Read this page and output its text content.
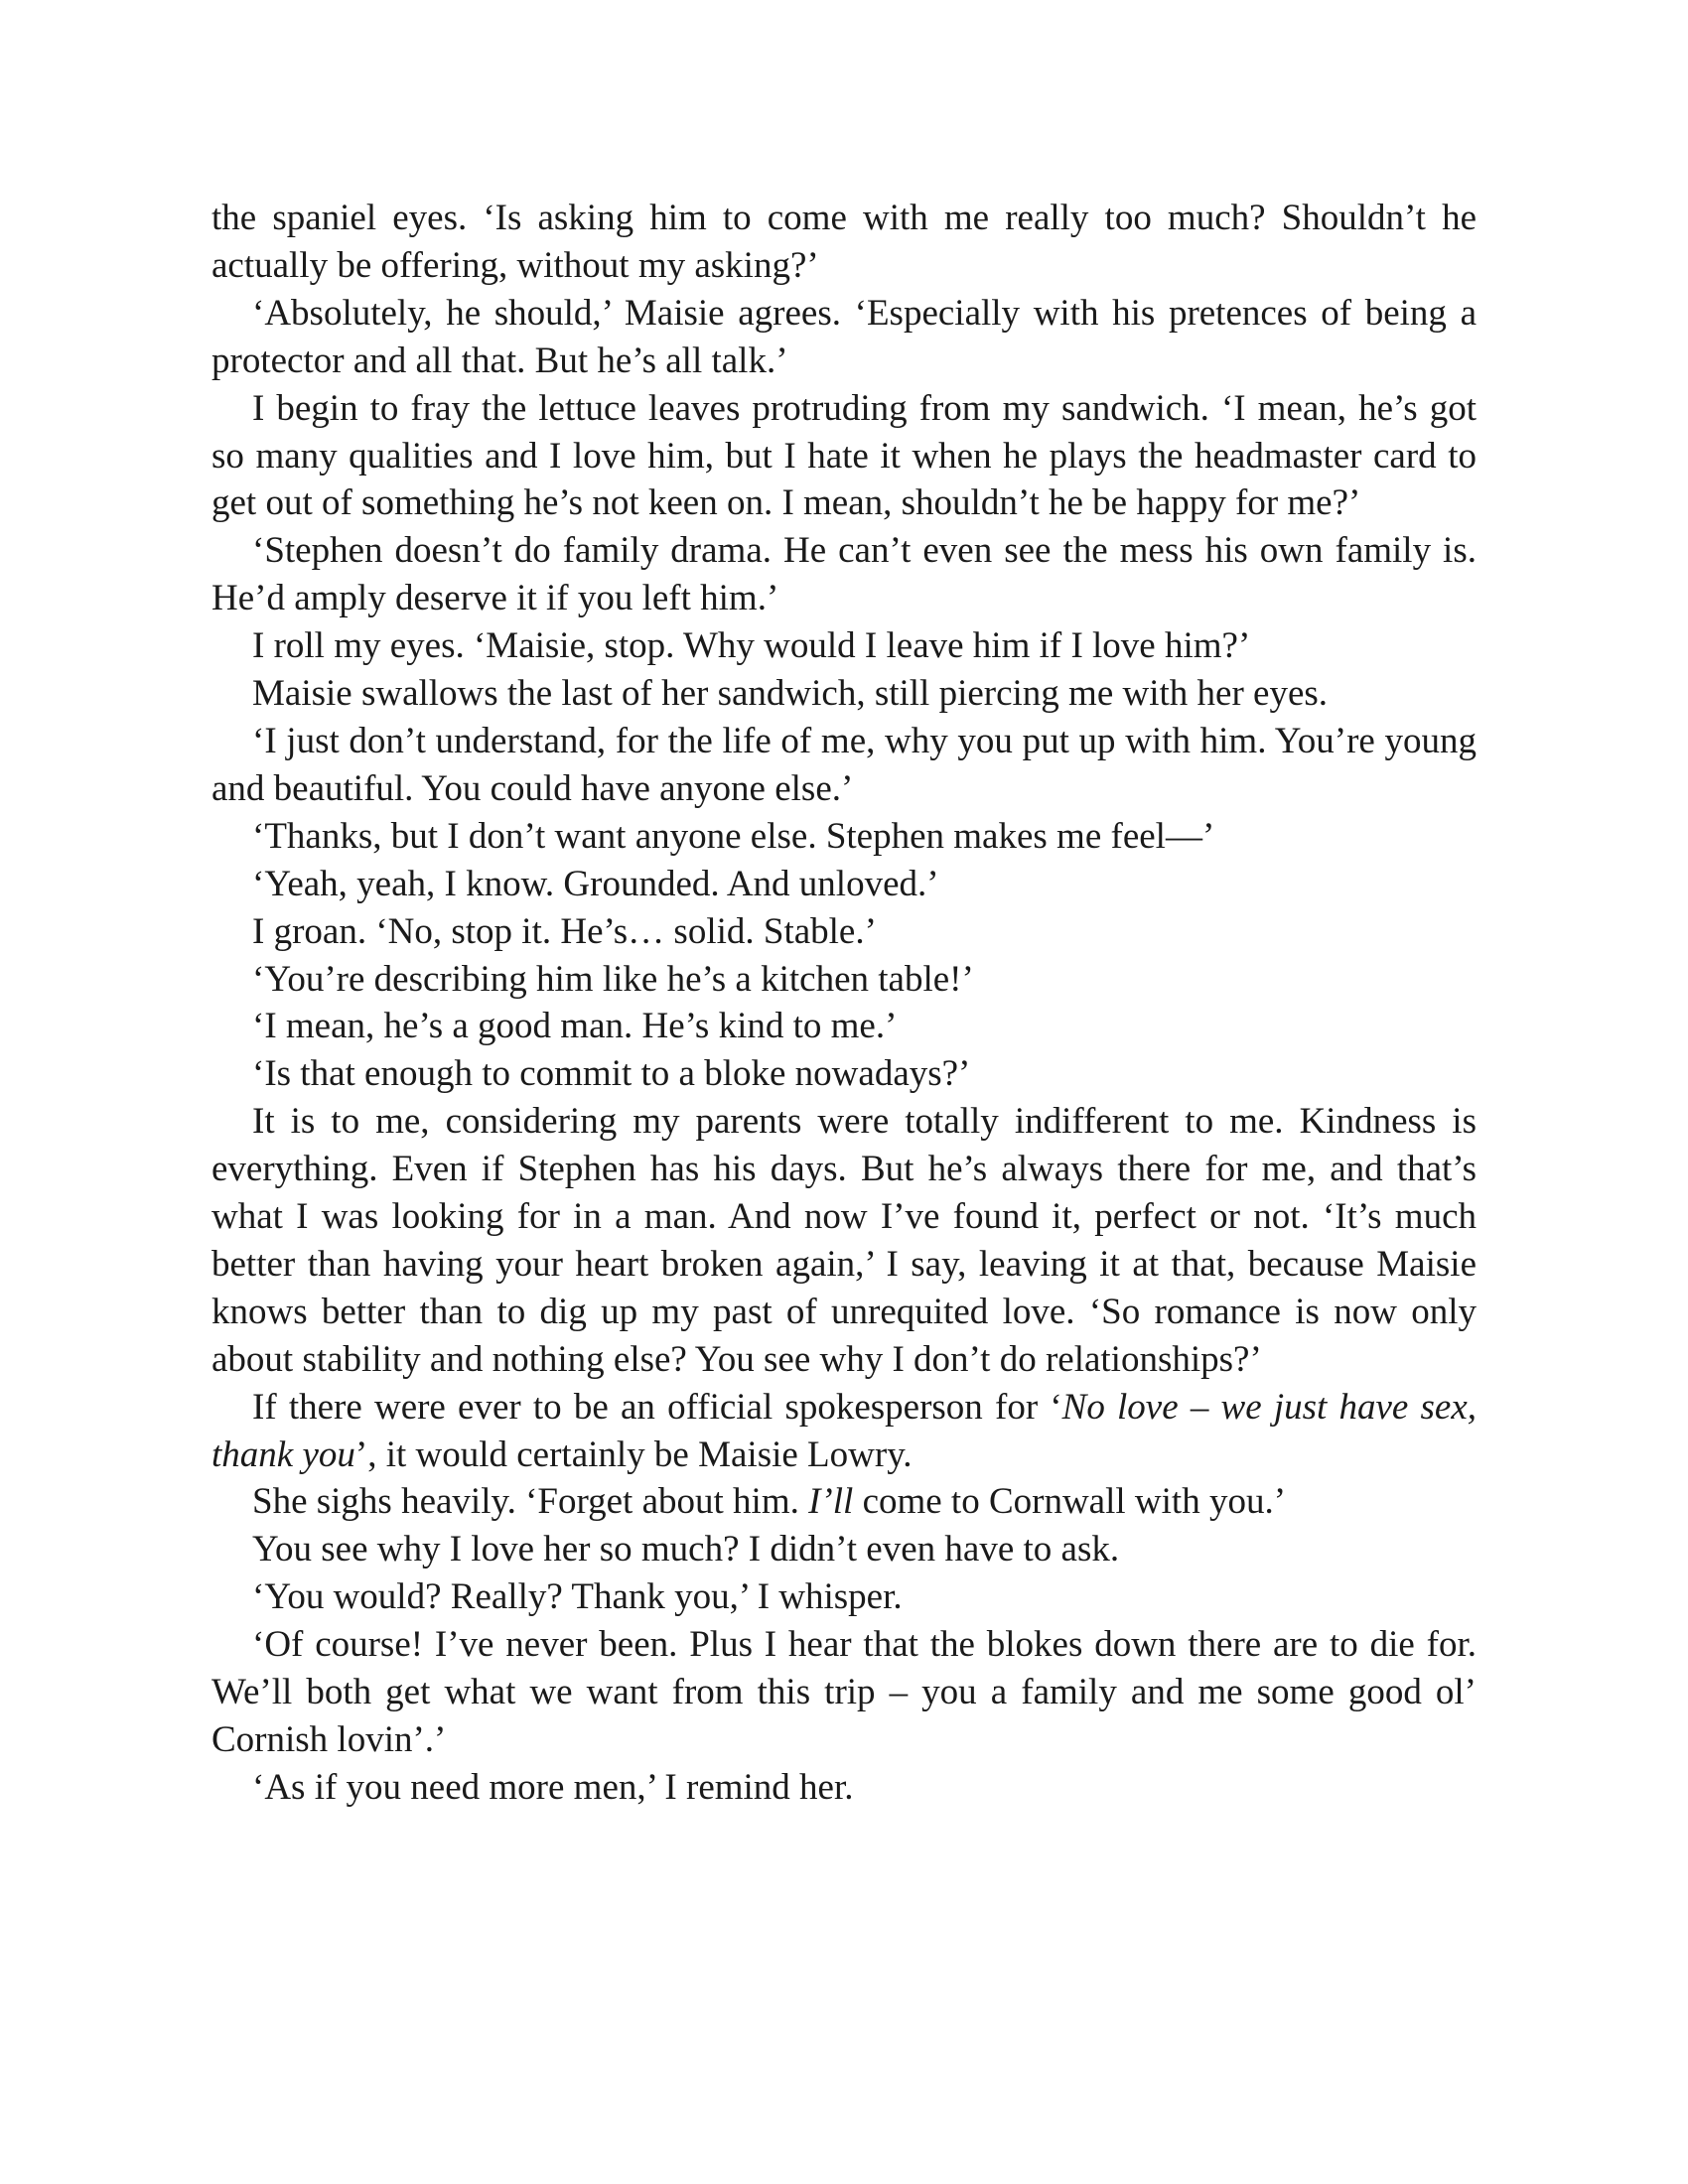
the spaniel eyes. ‘Is asking him to come with me really too much? Shouldn’t he actually be offering, without my asking?’

‘Absolutely, he should,’ Maisie agrees. ‘Especially with his pretences of being a protector and all that. But he’s all talk.’

I begin to fray the lettuce leaves protruding from my sandwich. ‘I mean, he’s got so many qualities and I love him, but I hate it when he plays the headmaster card to get out of something he’s not keen on. I mean, shouldn’t he be happy for me?’

‘Stephen doesn’t do family drama. He can’t even see the mess his own family is. He’d amply deserve it if you left him.’

I roll my eyes. ‘Maisie, stop. Why would I leave him if I love him?’

Maisie swallows the last of her sandwich, still piercing me with her eyes.

‘I just don’t understand, for the life of me, why you put up with him. You’re young and beautiful. You could have anyone else.’

‘Thanks, but I don’t want anyone else. Stephen makes me feel—’

‘Yeah, yeah, I know. Grounded. And unloved.’

I groan. ‘No, stop it. He’s… solid. Stable.’

‘You’re describing him like he’s a kitchen table!’

‘I mean, he’s a good man. He’s kind to me.’

‘Is that enough to commit to a bloke nowadays?’

It is to me, considering my parents were totally indifferent to me. Kindness is everything. Even if Stephen has his days. But he’s always there for me, and that’s what I was looking for in a man. And now I’ve found it, perfect or not. ‘It’s much better than having your heart broken again,’ I say, leaving it at that, because Maisie knows better than to dig up my past of unrequited love. ‘So romance is now only about stability and nothing else? You see why I don’t do relationships?’

If there were ever to be an official spokesperson for ‘No love – we just have sex, thank you’, it would certainly be Maisie Lowry.

She sighs heavily. ‘Forget about him. I’ll come to Cornwall with you.’

You see why I love her so much? I didn’t even have to ask.

‘You would? Really? Thank you,’ I whisper.

‘Of course! I’ve never been. Plus I hear that the blokes down there are to die for. We’ll both get what we want from this trip – you a family and me some good ol’ Cornish lovin’.’

‘As if you need more men,’ I remind her.
